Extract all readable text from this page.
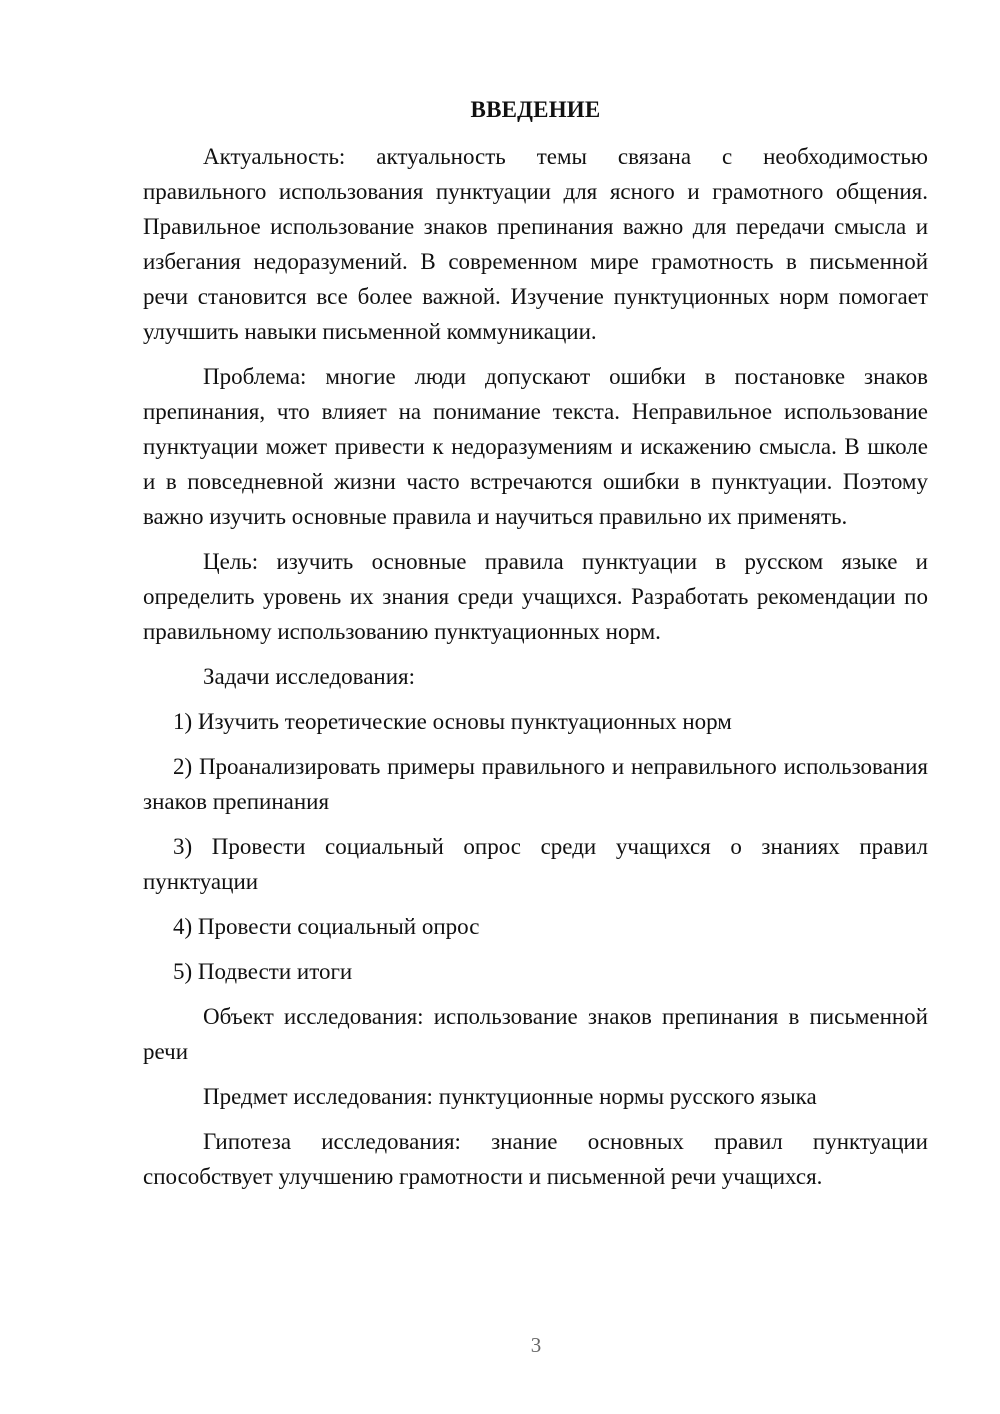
ВВЕДЕНИЕ

Актуальность: актуальность темы связана с необходимостью правильного использования пунктуации для ясного и грамотного общения. Правильное использование знаков препинания важно для передачи смысла и избегания недоразумений. В современном мире грамотность в письменной речи становится все более важной. Изучение пунктуционных норм помогает улучшить навыки письменной коммуникации.

Проблема: многие люди допускают ошибки в постановке знаков препинания, что влияет на понимание текста. Неправильное использование пунктуации может привести к недоразумениям и искажению смысла. В школе и в повседневной жизни часто встречаются ошибки в пунктуации. Поэтому важно изучить основные правила и научиться правильно их применять.

Цель: изучить основные правила пунктуации в русском языке и определить уровень их знания среди учащихся. Разработать рекомендации по правильному использованию пунктуационных норм.

Задачи исследования:

1) Изучить теоретические основы пунктуационных норм

2) Проанализировать примеры правильного и неправильного использования знаков препинания

3) Провести социальный опрос среди учащихся о знаниях правил пунктуации

4) Провести социальный опрос

5) Подвести итоги

Объект исследования: использование знаков препинания в письменной речи

Предмет исследования: пунктуционные нормы русского языка

Гипотеза исследования: знание основных правил пунктуации способствует улучшению грамотности и письменной речи учащихся.

3
